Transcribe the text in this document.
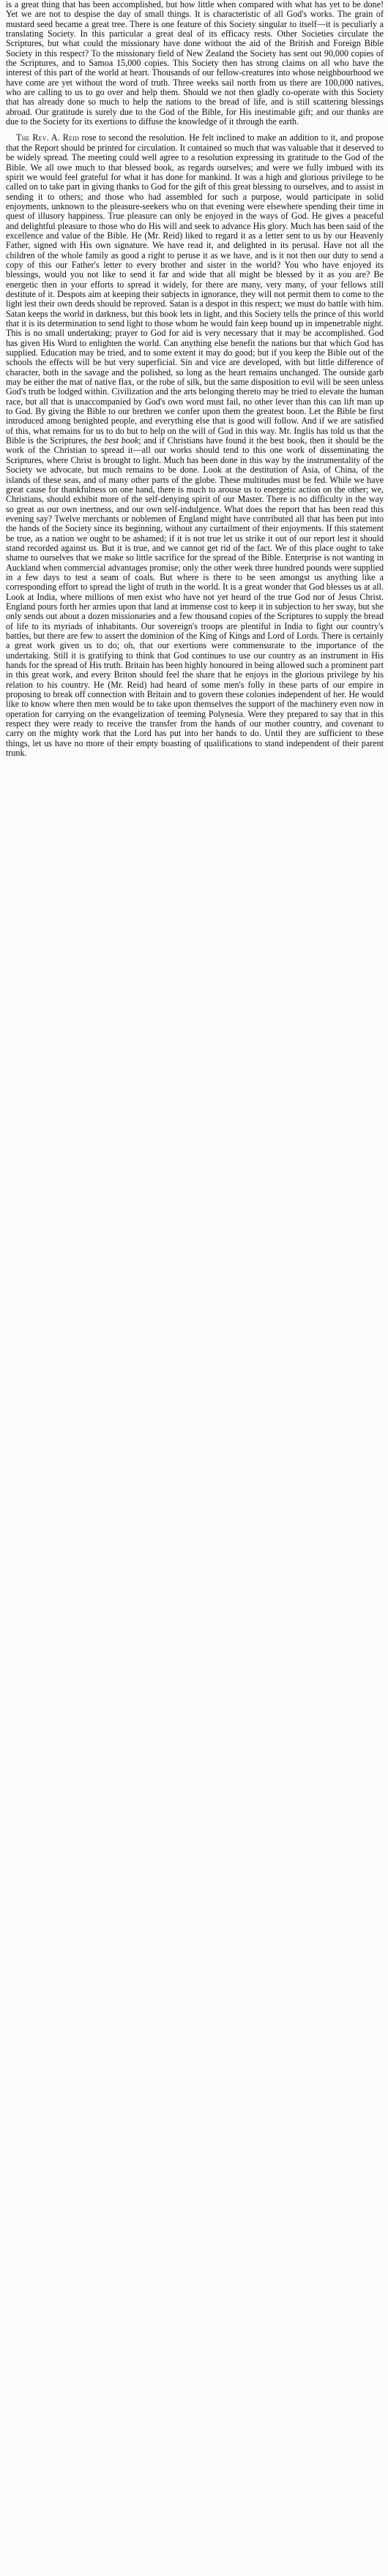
is a great thing that has been accomplished, but how little when compared with what has yet to be done! Yet we are not to despise the day of small things. It is characteristic of all God's works. The grain of mustard seed became a great tree. There is one feature of this Society singular to itself—it is peculiarly a translating Society. In this particular a great deal of its efficacy rests. Other Societies circulate the Scriptures, but what could the missionary have done without the aid of the British and Foreign Bible Society in this respect? To the missionary field of New Zealand the Society has sent out 90,000 copies of the Scriptures, and to Samoa 15,000 copies. This Society then has strong claims on all who have the interest of this part of the world at heart. Thousands of our fellow-creatures into whose neighbourhood we have come are yet without the word of truth. Three weeks sail north from us there are 100,000 natives, who are calling to us to go over and help them. Should we not then gladly co-operate with this Society that has already done so much to help the nations to the bread of life, and is still scattering blessings abroad. Our gratitude is surely due to the God of the Bible, for His inestimable gift; and our thanks are due to the Society for its exertions to diffuse the knowledge of it through the earth.

The Rev. A. Reid rose to second the resolution. He felt inclined to make an addition to it, and propose that the Report should be printed for circulation. It contained so much that was valuable that it deserved to be widely spread. The meeting could well agree to a resolution expressing its gratitude to the God of the Bible. We all owe much to that blessed book, as regards ourselves; and were we fully imbued with its spirit we would feel grateful for what it has done for mankind. It was a high and glorious privilege to be called on to take part in giving thanks to God for the gift of this great blessing to ourselves, and to assist in sending it to others; and those who had assembled for such a purpose, would participate in solid enjoyments, unknown to the pleasure-seekers who on that evening were elsewhere spending their time in quest of illusory happiness. True pleasure can only be enjoyed in the ways of God. He gives a peaceful and delightful pleasure to those who do His will and seek to advance His glory. Much has been said of the excellence and value of the Bible. He (Mr. Reid) liked to regard it as a letter sent to us by our Heavenly Father, signed with His own signature. We have read it, and delighted in its perusal. Have not all the children of the whole family as good a right to peruse it as we have, and is it not then our duty to send a copy of this our Father's letter to every brother and sister in the world? You who have enjoyed its blessings, would you not like to send it far and wide that all might be blessed by it as you are? Be energetic then in your efforts to spread it widely, for there are many, very many, of your fellows still destitute of it. Despots aim at keeping their subjects in ignorance, they will not permit them to come to the light lest their own deeds should be reproved. Satan is a despot in this respect; we must do battle with him. Satan keeps the world in darkness, but this book lets in light, and this Society tells the prince of this world that it is its determination to send light to those whom he would fain keep bound up in impenetrable night. This is no small undertaking; prayer to God for aid is very necessary that it may be accomplished. God has given His Word to enlighten the world. Can anything else benefit the nations but that which God has supplied. Education may be tried, and to some extent it may do good; but if you keep the Bible out of the schools the effects will be but very superficial. Sin and vice are developed, with but little difference of character, both in the savage and the polished, so long as the heart remains unchanged. The outside garb may be either the mat of native flax, or the robe of silk, but the same disposition to evil will be seen unless God's truth be lodged within. Civilization and the arts belonging thereto may be tried to elevate the human race, but all that is unaccompanied by God's own word must fail, no other lever than this can lift man up to God. By giving the Bible to our brethren we confer upon them the greatest boon. Let the Bible be first introduced among benighted people, and everything else that is good will follow. And if we are satisfied of this, what remains for us to do but to help on the will of God in this way. Mr. Inglis has told us that the Bible is the Scriptures, the best book; and if Christians have found it the best book, then it should be the work of the Christian to spread it—all our works should tend to this one work of disseminating the Scriptures, where Christ is brought to light. Much has been done in this way by the instrumentality of the Society we advocate, but much remains to be done. Look at the destitution of Asia, of China, of the islands of these seas, and of many other parts of the globe. These multitudes must be fed. While we have great cause for thankfulness on one hand, there is much to arouse us to energetic action on the other; we, Christians, should exhibit more of the self-denying spirit of our Master. There is no difficulty in the way so great as our own inertness, and our own self-indulgence. What does the report that has been read this evening say? Twelve merchants or noblemen of England might have contributed all that has been put into the hands of the Society since its beginning, without any curtailment of their enjoyments. If this statement be true, as a nation we ought to be ashamed; if it is not true let us strike it out of our report lest it should stand recorded against us. But it is true, and we cannot get rid of the fact. We of this place ought to take shame to ourselves that we make so little sacrifice for the spread of the Bible. Enterprise is not wanting in Auckland when commercial advantages promise; only the other week three hundred pounds were supplied in a few days to test a seam of coals. But where is there to be seen amongst us anything like a corresponding effort to spread the light of truth in the world. It is a great wonder that God blesses us at all. Look at India, where millions of men exist who have not yet heard of the true God nor of Jesus Christ. England pours forth her armies upon that land at immense cost to keep it in subjection to her sway, but she only sends out about a dozen missionaries and a few thousand copies of the Scriptures to supply the bread of life to its myriads of inhabitants. Our sovereign's troops are plentiful in India to fight our country's battles, but there are few to assert the dominion of the King of Kings and Lord of Lords. There is certainly a great work given us to do; oh, that our exertions were commensurate to the importance of the undertaking. Still it is gratifying to think that God continues to use our country as an instrument in His hands for the spread of His truth. Britain has been highly honoured in being allowed such a prominent part in this great work, and every Briton should feel the share that he enjoys in the glorious privilege by his relation to his country. He (Mr. Reid) had heard of some men's folly in these parts of our empire in proposing to break off connection with Britain and to govern these colonies independent of her. He would like to know where then men would be to take upon themselves the support of the machinery even now in operation for carrying on the evangelization of teeming Polynesia. Were they prepared to say that in this respect they were ready to receive the transfer from the hands of our mother country, and covenant to carry on the mighty work that the Lord has put into her hands to do. Until they are sufficient to these things, let us have no more of their empty boasting of qualifications to stand independent of their parent trunk.
